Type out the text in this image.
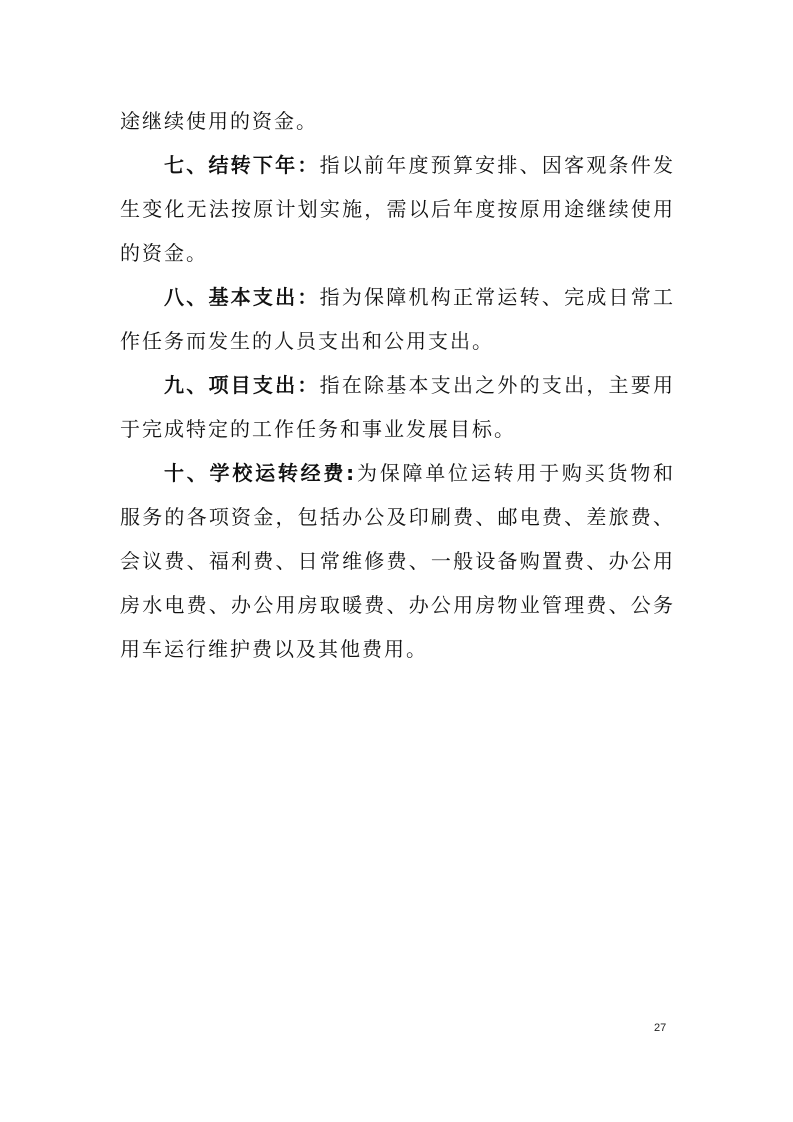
途继续使用的资金。

七、结转下年：指以前年度预算安排、因客观条件发生变化无法按原计划实施，需以后年度按原用途继续使用的资金。

八、基本支出：指为保障机构正常运转、完成日常工作任务而发生的人员支出和公用支出。

九、项目支出：指在除基本支出之外的支出，主要用于完成特定的工作任务和事业发展目标。

十、学校运转经费:为保障单位运转用于购买货物和服务的各项资金，包括办公及印刷费、邮电费、差旅费、会议费、福利费、日常维修费、一般设备购置费、办公用房水电费、办公用房取暖费、办公用房物业管理费、公务用车运行维护费以及其他费用。

27
